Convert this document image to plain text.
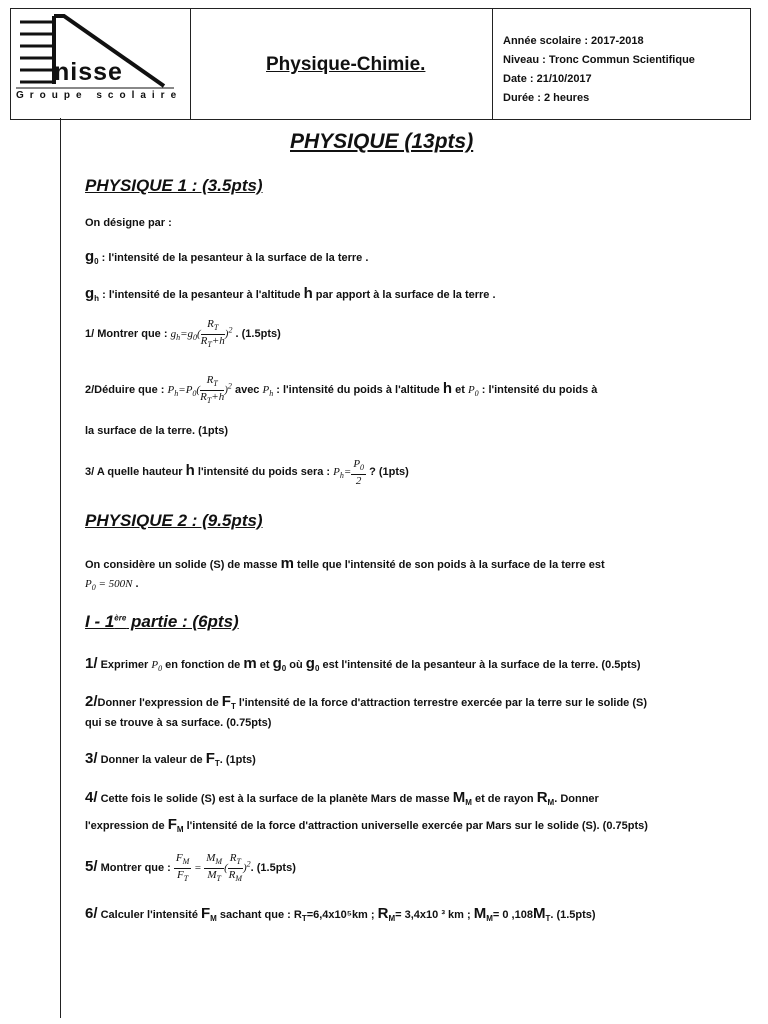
nisse
Groupe scolaire
Physique-Chimie.
Année scolaire : 2017-2018
Niveau : Tronc Commun Scientifique
Date : 21/10/2017
Durée : 2 heures
PHYSIQUE (13pts)
PHYSIQUE 1 : (3.5pts)
On désigne par :
$g_0$ : l'intensité de la pesanteur à la surface de la terre .
$g_h$ : l'intensité de la pesanteur à l'altitude h par apport à la surface de la terre .
1/ Montrer que : $g_h=g_0( \frac{R_T}{R_T+h} )^2$ . (1.5pts)
2/Déduire que : $P_h=P_0( \frac{R_T}{R_T+h} )^2$ avec $P_h$ : l'intensité du poids à l'altitude h et $P_0$ : l'intensité du poids à
la surface de la terre. (1pts)
3/ A quelle hauteur h l'intensité du poids sera : $P_h= \frac{P_0}{2}$ ? (1pts)
PHYSIQUE 2 : (9.5pts)
On considère un solide (S) de masse m telle que l'intensité de son poids à la surface de la terre est
$P_0 = 500N$ .
I - 1ère partie : (6pts)
1/ Exprimer $P_0$ en fonction de m et $g_0$ où $g_0$ est l'intensité de la pesanteur à la surface de la terre. (0.5pts)
2/Donner l'expression de $F_T$ l'intensité de la force d'attraction terrestre exercée par la terre sur le solide (S)
qui se trouve à sa surface. (0.75pts)
3/ Donner la valeur de $F_T$. (1pts)
4/ Cette fois le solide (S) est à la surface de la planète Mars de masse $M_M$ et de rayon $R_M$. Donner
l'expression de $F_M$ l'intensité de la force d'attraction universelle exercée par Mars sur le solide (S). (0.75pts)
5/ Montrer que : $\frac{F_M}{F_T} = \frac{M_M}{M_T}$ ( $\frac{R_T}{R_M} )^2$. (1.5pts)
6/ Calculer l'intensité $F_M$ sachant que : $R_T=6,4x10^5km$ ; $R_M= 3,4x10$ ³ km ; $M_M= 0$ $,108M_T$. (1.5pts)
